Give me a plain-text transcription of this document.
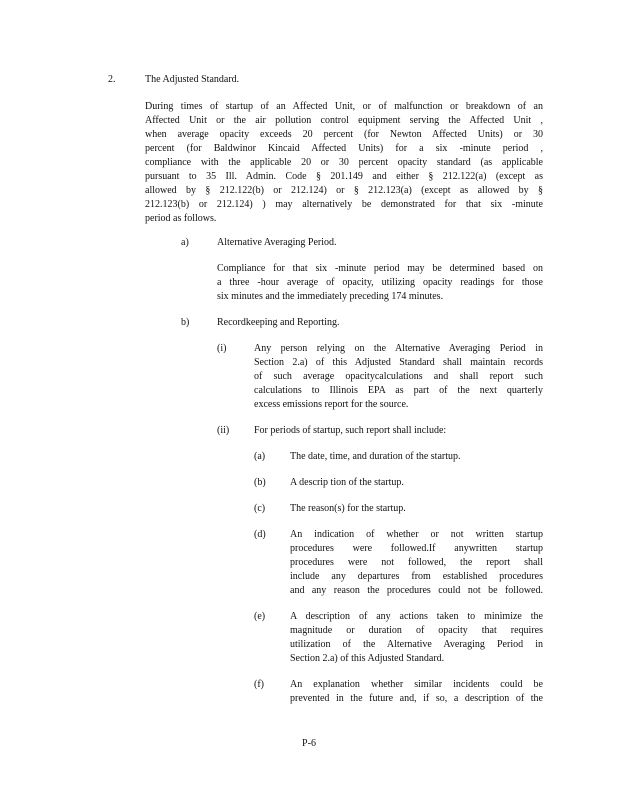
2.	The Adjusted Standard.
During times of startup of an Affected Unit, or of malfunction or breakdown of an
Affected Unit or the air pollution control equipment serving the Affected Unit ,
when average opacity exceeds 20 percent (for Newton Affected Units) or 30
percent (for Baldwinor Kincaid Affected Units) for a six -minute period ,
compliance with the applicable 20 or 30 percent opacity standard (as applicable
pursuant to 35 Ill. Admin. Code § 201.149 and either § 212.122(a) (except as
allowed by § 212.122(b) or 212.124) or § 212.123(a) (except as allowed by §
212.123(b) or 212.124) ) may alternatively be demonstrated for that six -minute
period as follows.
a)	Alternative Averaging Period.
Compliance for that six -minute period may be determined based on
a three -hour average of opacity, utilizing opacity readings for those
six minutes and the immediately preceding 174 minutes.
b)	Recordkeeping and Reporting.
(i)	Any person relying on the Alternative Averaging Period in
Section 2.a) of this Adjusted Standard shall maintain records
of such average opacitycalculations and shall report such
calculations to Illinois EPA as part of the next quarterly
excess emissions report for the source.
(ii) For periods of startup, such report shall include:
(a) The date, time, and duration of the startup.
(b) A descrip tion of the startup.
(c) The reason(s) for the startup.
(d) An indication of whether or not written startup
procedures were followed.If anywritten startup
procedures were not followed, the report shall
include any departures from established procedures
and any reason the procedures could not be followed.
(e) A description of any actions taken to minimize the
magnitude or duration of opacity that requires
utilization of the Alternative Averaging Period in
Section 2.a) of this Adjusted Standard.
(f)	An explanation whether similar incidents could be
prevented in the future and, if so, a description of the
P-6
